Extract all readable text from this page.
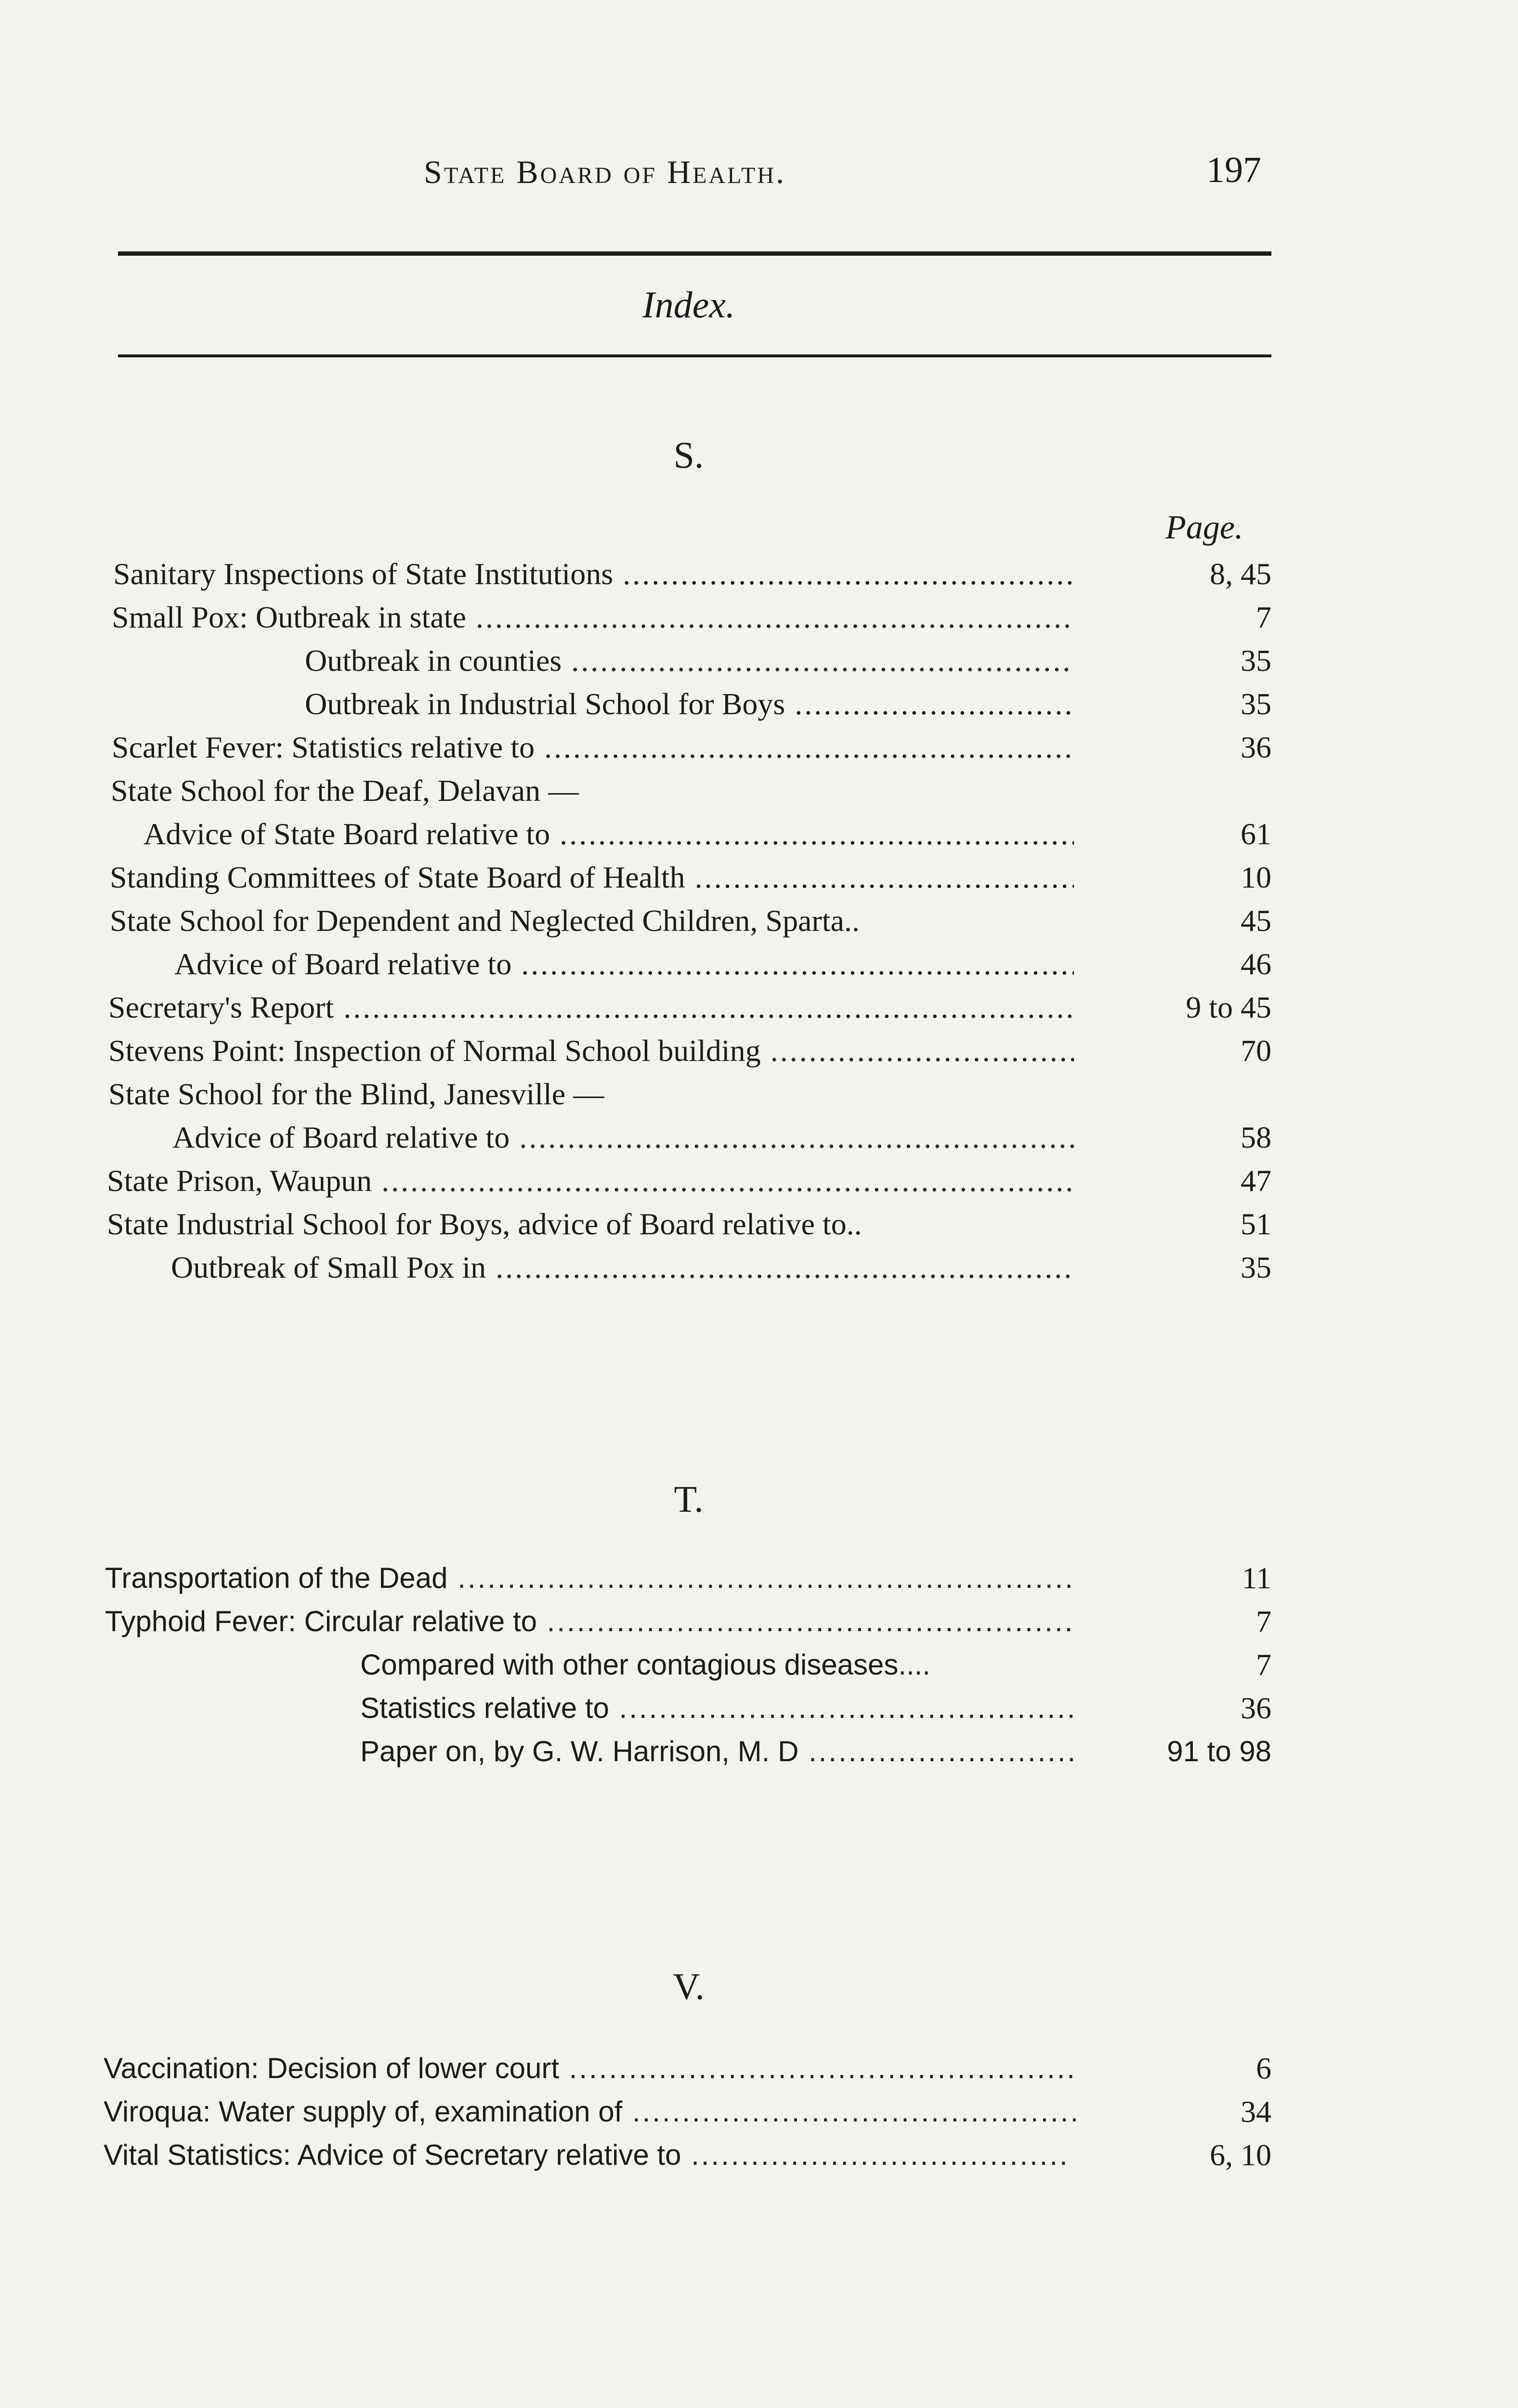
State Board of Health.	197
Index.
S.
Page.
Sanitary Inspections of State Institutions .....	8, 45
Small Pox: Outbreak in state .....	7
Outbreak in counties .....	35
Outbreak in Industrial School for Boys .....	35
Scarlet Fever: Statistics relative to .....	36
State School for the Deaf, Delavan —
Advice of State Board relative to .....	61
Standing Committees of State Board of Health .....	10
State School for Dependent and Neglected Children, Sparta..	45
Advice of Board relative to .....	46
Secretary's Report .....	9 to 45
Stevens Point: Inspection of Normal School building .....	70
State School for the Blind, Janesville —
Advice of Board relative to .....	58
State Prison, Waupun .....	47
State Industrial School for Boys, advice of Board relative to..	51
Outbreak of Small Pox in .....	35
T.
Transportation of the Dead .....	11
Typhoid Fever: Circular relative to .....	7
Compared with other contagious diseases....	7
Statistics relative to .....	36
Paper on, by G. W. Harrison, M. D .....	91 to 98
V.
Vaccination: Decision of lower court .....	6
Viroqua: Water supply of, examination of .....	34
Vital Statistics: Advice of Secretary relative to .....	6, 10
